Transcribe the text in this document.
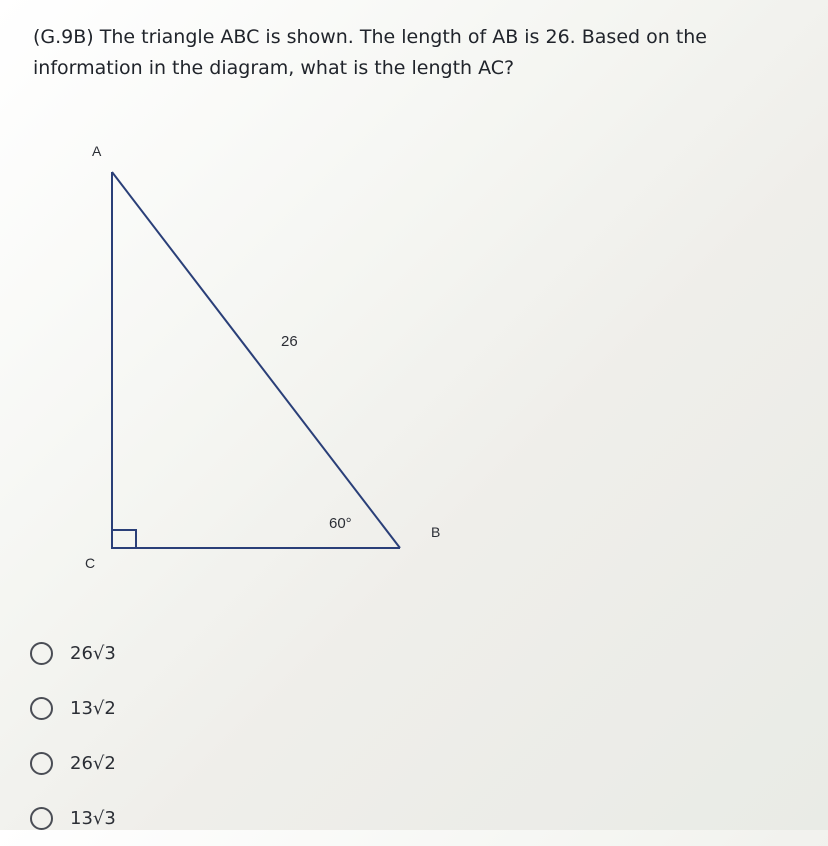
(G.9B) The triangle ABC is shown. The length of AB is 26. Based on the information in the diagram, what is the length AC?
A
B
C
26
60°
26√3
13√2
26√2
13√3
